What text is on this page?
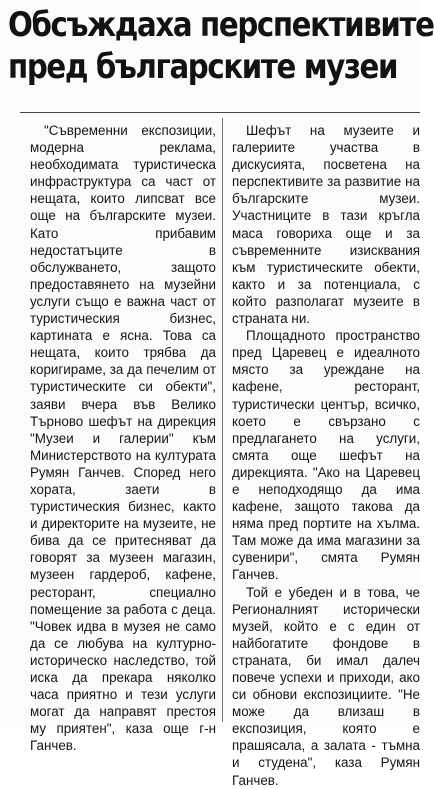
Обсъждаха перспективите
пред българските музеи

"Съвременни експозиции, модерна реклама, необходимата туристическа инфраструктура са част от нещата, които липсват все още на българските музеи. Като прибавим недостатъците в обслужването, защото предоставянето на музейни услуги също е важна част от туристическия бизнес, картината е ясна. Това са нещата, които трябва да коригираме, за да печелим от туристическите си обекти", заяви вчера във Велико Търново шефът на дирекция "Музеи и галерии" към Министерството на културата Румян Ганчев. Според него хората, заети в туристическия бизнес, както и директорите на музеите, не бива да се притесняват да говорят за музеен магазин, музеен гардероб, кафене, ресторант, специално помещение за работа с деца. "Човек идва в музея не само да се любува на културно-историческо наследство, той иска да прекара няколко часа приятно и тези услуги могат да направят престоя му приятен", каза още г-н Ганчев.

Шефът на музеите и галериите участва в дискусията, посветена на перспективите за развитие на българските музеи. Участниците в тази кръгла маса говориха още и за съвременните изисквания към туристическите обекти, както и за потенциала, с който разполагат музеите в страната ни.

Площадното пространство пред Царевец е идеалното място за уреждане на кафене, ресторант, туристически център, всичко, което е свързано с предлагането на услуги, смята още шефът на дирекцията. "Ако на Царевец е неподходящо да има кафене, защото такова да няма пред портите на хълма. Там може да има магазини за сувенири", смята Румян Ганчев.

Той е убеден и в това, че Регионалният исторически музей, който е с един от найбогатите фондове в страната, би имал далеч повече успехи и приходи, ако си обнови експозициите. "Не може да влизаш в експозиция, която е прашясала, а залата - тъмна и студена", каза Румян Ганчев.
